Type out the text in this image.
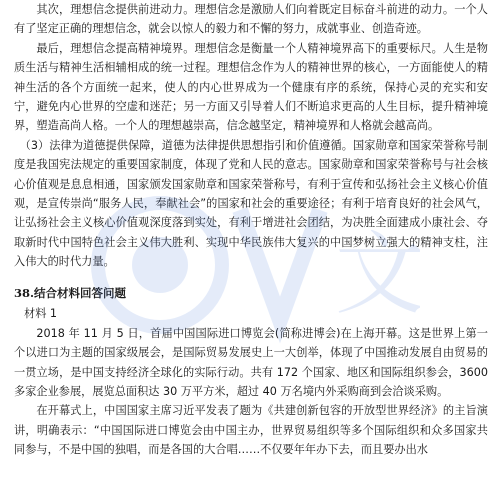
其次，理想信念提供前进动力。理想信念是激励人们向着既定目标奋斗前进的动力。一个人有了坚定正确的理想信念，就会以惊人的毅力和不懈的努力，成就事业、创造奇迹。

最后，理想信念提高精神境界。理想信念是衡量一个人精神境界高下的重要标尺。人生是物质生活与精神生活相辅相成的统一过程。理想信念作为人的精神世界的核心，一方面能使人的精神生活的各个方面统一起来，使人的内心世界成为一个健康有序的系统，保持心灵的充实和安宁，避免内心世界的空虚和迷茫；另一方面又引导着人们不断追求更高的人生目标，提升精神境界，塑造高尚人格。一个人的理想越崇高，信念越坚定，精神境界和人格就会越高尚。

（3）法律为道德提供保障，道德为法律提供思想指引和价值遵循。国家勋章和国家荣誉称号制度是我国宪法规定的重要国家制度，体现了党和人民的意志。国家勋章和国家荣誉称号与社会核心价值观是息息相通，国家颁发国家勋章和国家荣誉称号，有利于宣传和弘扬社会主义核心价值观，是宣传崇尚“服务人民，奉献社会”的国家和社会的重要途径；有利于培育良好的社会风气，让弘扬社会主义核心价值观深度落到实处，有利于增进社会团结，为决胜全面建成小康社会、夺取新时代中国特色社会主义伟大胜利、实现中华民族伟大复兴的中国梦树立强大的精神支柱，注入伟大的时代力量。

38.结合材料回答问题

材料 1

2018 年 11 月 5 日，首届中国国际进口博览会(简称进博会)在上海开幕。这是世界上第一个以进口为主题的国家级展会，是国际贸易发展史上一大创举，体现了中国推动发展自由贸易的一贯立场，是中国支持经济全球化的实际行动。共有 172 个国家、地区和国际组织参会，3600 多家企业参展，展览总面积达 30 万平方米，超过 40 万名境内外采购商到会洽谈采购。

在开幕式上，中国国家主席习近平发表了题为《共建创新包容的开放型世界经济》的主旨演讲，明确表示：“中国国际进口博览会由中国主办，世界贸易组织等多个国际组织和众多国家共同参与，不是中国的独唱，而是各国的大合唱……不仅要年年办下去，而且要办出水

文
